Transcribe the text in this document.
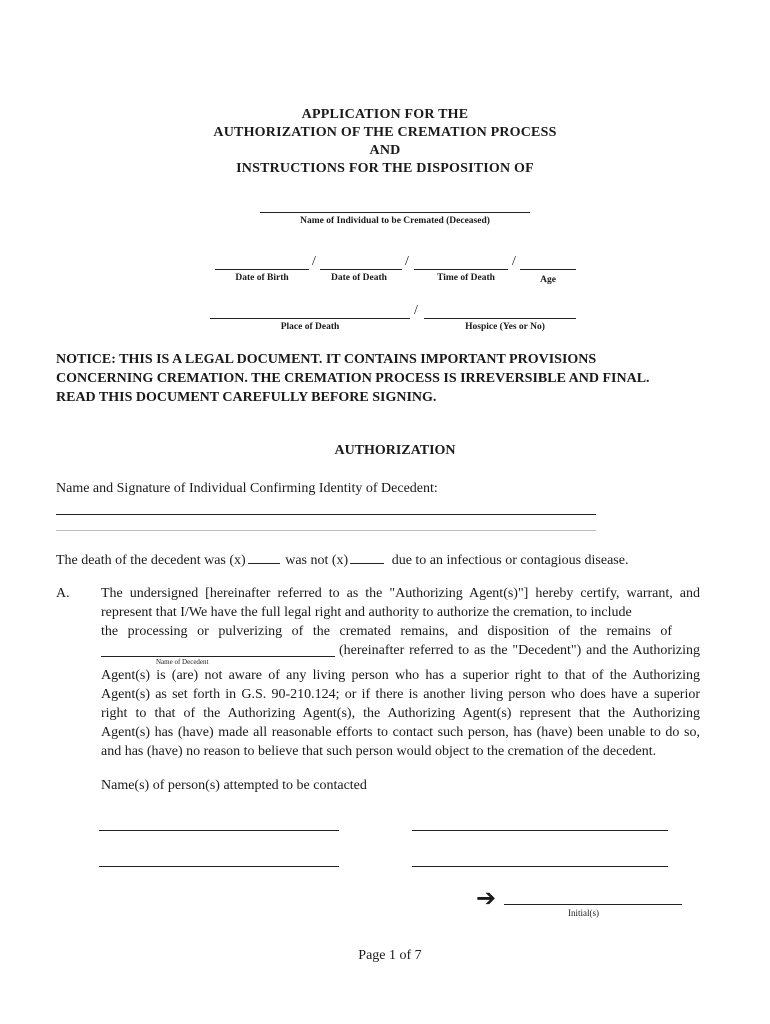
APPLICATION FOR THE
AUTHORIZATION OF THE CREMATION PROCESS
AND
INSTRUCTIONS FOR THE DISPOSITION OF
Name of Individual to be Cremated (Deceased)
/	/	/
Date of Birth	Date of Death	Time of Death	Age
/
Place of Death	Hospice (Yes or No)
NOTICE: THIS IS A LEGAL DOCUMENT. IT CONTAINS IMPORTANT PROVISIONS
CONCERNING CREMATION. THE CREMATION PROCESS IS IRREVERSIBLE AND FINAL.
READ THIS DOCUMENT CAREFULLY BEFORE SIGNING.
AUTHORIZATION
Name and Signature of Individual Confirming Identity of Decedent:
The death of the decedent was (x)	was not (x)	due to an infectious or contagious disease.
A. The undersigned [hereinafter referred to as the "Authorizing Agent(s)"] hereby certify, warrant, and
represent that I/We have the full legal right and authority to authorize the cremation, to include
the processing or pulverizing of the cremated remains, and disposition of the remains of
(hereinafter referred to as the "Decedent") and the Authorizing
Name of Decedent
Agent(s) is (are) not aware of any living person who has a superior right to that of the Authorizing
Agent(s) as set forth in G.S. 90-210.124; or if there is another living person who does have a superior
right to that of the Authorizing Agent(s), the Authorizing Agent(s) represent that the Authorizing
Agent(s) has (have) made all reasonable efforts to contact such person, has (have) been unable to do so,
and has (have) no reason to believe that such person would object to the cremation of the decedent.
Name(s) of person(s) attempted to be contacted
➔
Initial(s)
Page 1 of 7
